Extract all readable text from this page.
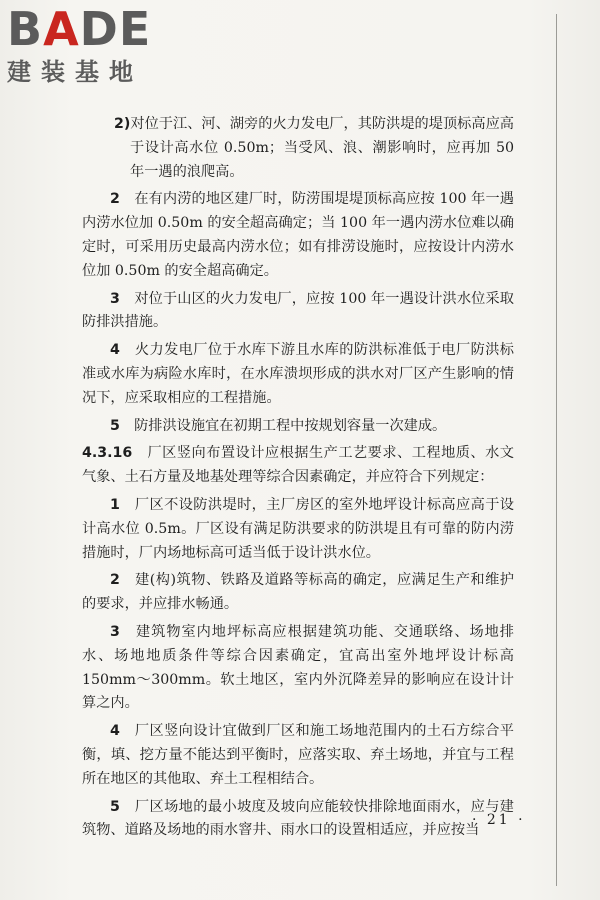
BADE
建装基地

2)对位于江、河、湖旁的火力发电厂，其防洪堤的堤顶标高应高于设计高水位 0.50m；当受风、浪、潮影响时，应再加 50 年一遇的浪爬高。

2　 在有内涝的地区建厂时，防涝围堤堤顶标高应按 100 年一遇内涝水位加 0.50m 的安全超高确定；当 100 年一遇内涝水位难以确定时，可采用历史最高内涝水位；如有排涝设施时，应按设计内涝水位加 0.50m 的安全超高确定。

3　 对位于山区的火力发电厂，应按 100 年一遇设计洪水位采取防排洪措施。

4　 火力发电厂位于水库下游且水库的防洪标准低于电厂防洪标准或水库为病险水库时，在水库溃坝形成的洪水对厂区产生影响的情况下，应采取相应的工程措施。

5　 防排洪设施宜在初期工程中按规划容量一次建成。

4.3.16　 厂区竖向布置设计应根据生产工艺要求、工程地质、水文气象、土石方量及地基处理等综合因素确定，并应符合下列规定：

1　 厂区不设防洪堤时，主厂房区的室外地坪设计标高应高于设计高水位 0.5m。厂区设有满足防洪要求的防洪堤且有可靠的防内涝措施时，厂内场地标高可适当低于设计洪水位。

2　 建(构)筑物、铁路及道路等标高的确定，应满足生产和维护的要求，并应排水畅通。

3　 建筑物室内地坪标高应根据建筑功能、交通联络、场地排水、场地地质条件等综合因素确定，宜高出室外地坪设计标高 150mm～300mm。软土地区，室内外沉降差异的影响应在设计计算之内。

4　 厂区竖向设计宜做到厂区和施工场地范围内的土石方综合平衡，填、挖方量不能达到平衡时，应落实取、弃土场地，并宜与工程所在地区的其他取、弃土工程相结合。

5　 厂区场地的最小坡度及坡向应能较快排除地面雨水，应与建筑物、道路及场地的雨水窨井、雨水口的设置相适应，并应按当

· 21 ·
